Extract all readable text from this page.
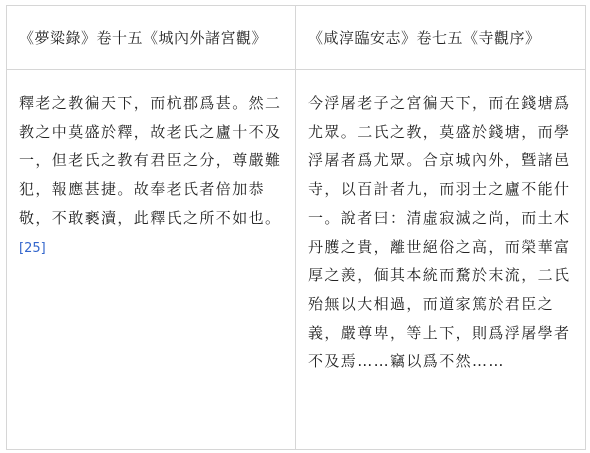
《夢粱錄》卷十五《城內外諸宮觀》	《咸淳臨安志》卷七五《寺觀序》
釋老之教徧天下，而杭郡爲甚。然二教之中莫盛於釋，故老氏之廬十不及一，但老氏之教有君臣之分，尊嚴難犯，報應甚捷。故奉老氏者倍加恭敬，不敢褻瀆，此釋氏之所不如也。[25]	今浮屠老子之宮徧天下，而在錢塘爲尤眾。二氏之教，莫盛於錢塘，而學浮屠者爲尤眾。合京城內外，曁諸邑寺，以百計者九，而羽士之廬不能什一。說者曰：清虛寂滅之尚，而土木丹臒之貴，離世絕俗之高，而榮華富厚之羨，偭其本統而騖於末流，二氏殆無以大相過，而道家篤於君臣之義，嚴尊卑，等上下，則爲浮屠學者不及焉……竊以爲不然……
